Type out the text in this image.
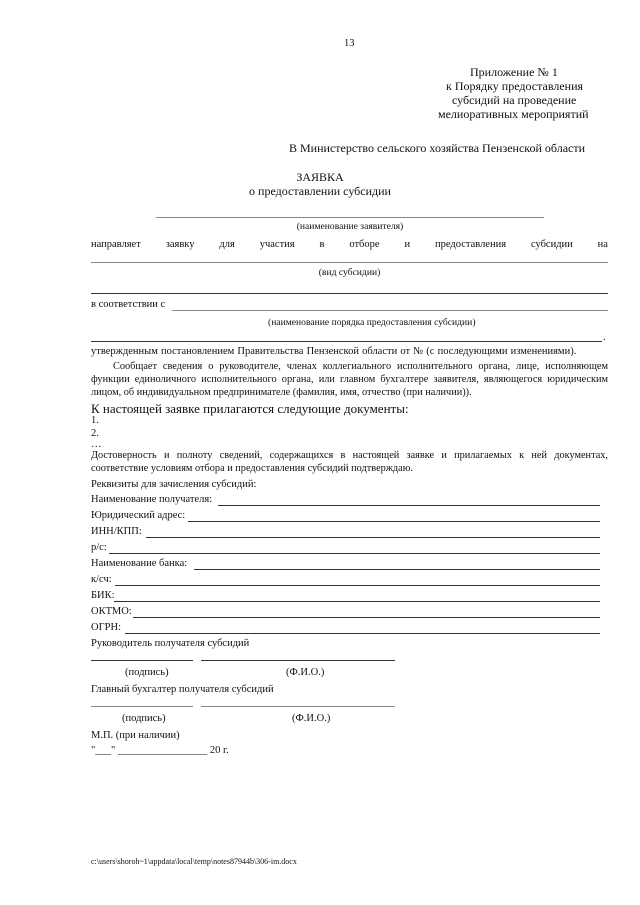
13
Приложение № 1
к Порядку предоставления
субсидий на проведение
мелиоративных мероприятий
В Министерство сельского хозяйства Пензенской области
ЗАЯВКА
о предоставлении субсидии
(наименование заявителя)
направляет заявку для участия в отборе и предоставления субсидии на
(вид субсидии)
в соответствии с
(наименование порядка предоставления субсидии)
.
утвержденным постановлением Правительства Пензенской области от № (с последующими изменениями).
Сообщает сведения о руководителе, членах коллегиального исполнительного органа, лице, исполняющем функции единоличного исполнительного органа, или главном бухгалтере заявителя, являющегося юридическим лицом, об индивидуальном предпринимателе (фамилия, имя, отчество (при наличии)).
К настоящей заявке прилагаются следующие документы:
1.
2.
…
Достоверность и полноту сведений, содержащихся в настоящей заявке и прилагаемых к ней документах, соответствие условиям отбора и предоставления субсидий подтверждаю.
Реквизиты для зачисления субсидий:
Наименование получателя:
Юридический адрес:
ИНН/КПП:
р/с:
Наименование банка:
к/сч:
БИК:
ОКТМО:
ОГРН:
Руководитель получателя субсидий
(подпись)	(Ф.И.О.)
Главный бухгалтер получателя субсидий
(подпись)	(Ф.И.О.)
М.П. (при наличии)
"___" _________________ 20 г.
c:\users\shoroh~1\appdata\local\temp\notes87944b\306-im.docx
